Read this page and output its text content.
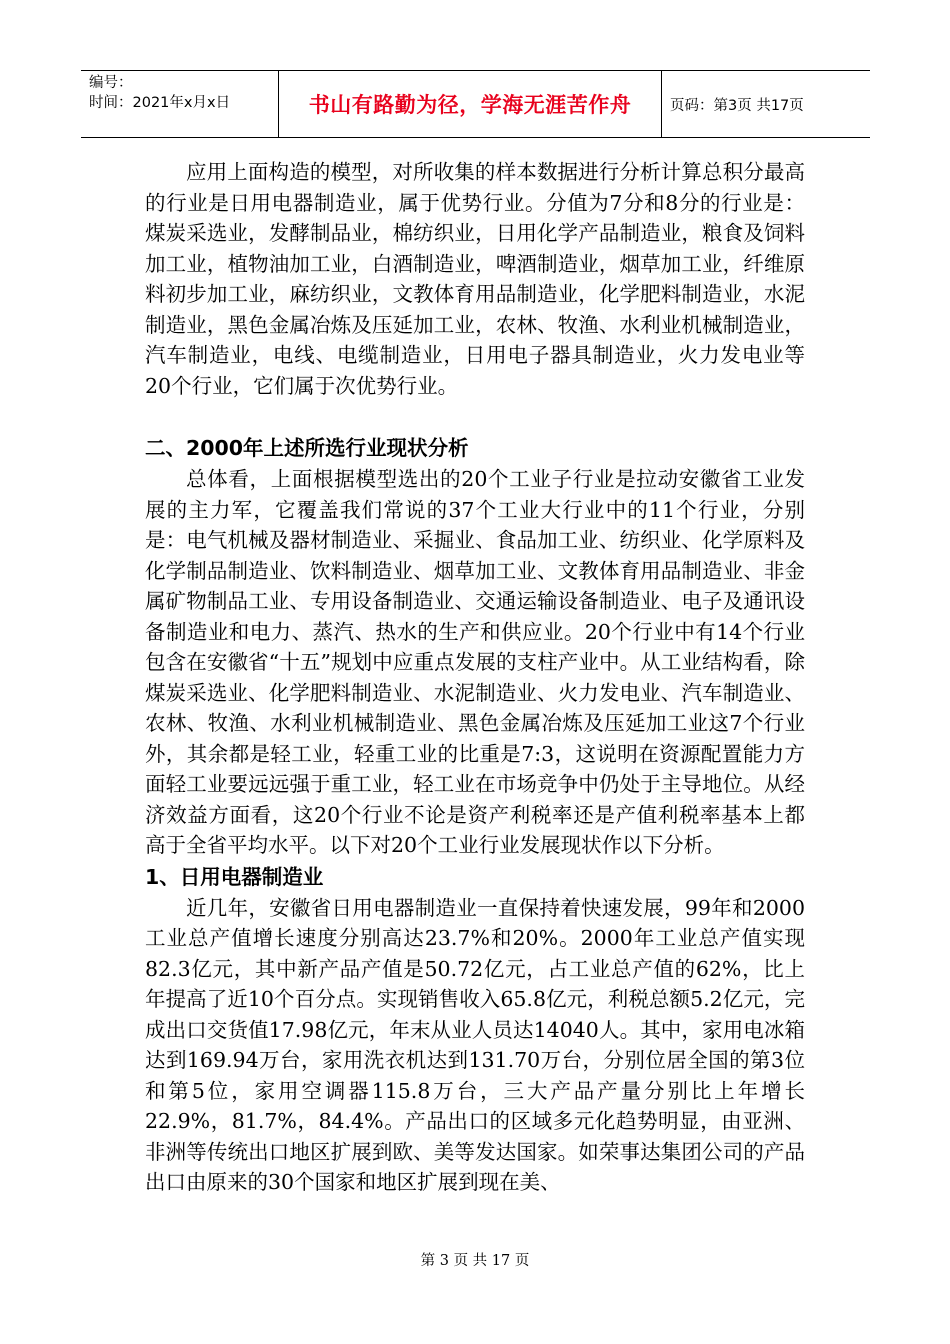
编号：
时间：2021年x月x日	书山有路勤为径，学海无涯苦作舟	页码：第3页 共17页

应用上面构造的模型，对所收集的样本数据进行分析计算总积分最高的行业是日用电器制造业，属于优势行业。分值为7分和8分的行业是：煤炭采选业，发酵制品业，棉纺织业，日用化学产品制造业，粮食及饲料加工业，植物油加工业，白酒制造业，啤酒制造业，烟草加工业，纤维原料初步加工业，麻纺织业，文教体育用品制造业，化学肥料制造业，水泥制造业，黑色金属冶炼及压延加工业，农林、牧渔、水利业机械制造业，汽车制造业，电线、电缆制造业，日用电子器具制造业，火力发电业等20个行业，它们属于次优势行业。

二、2000年上述所选行业现状分析

总体看，上面根据模型选出的20个工业子行业是拉动安徽省工业发展的主力军，它覆盖我们常说的37个工业大行业中的11个行业，分别是：电气机械及器材制造业、采掘业、食品加工业、纺织业、化学原料及化学制品制造业、饮料制造业、烟草加工业、文教体育用品制造业、非金属矿物制品工业、专用设备制造业、交通运输设备制造业、电子及通讯设备制造业和电力、蒸汽、热水的生产和供应业。20个行业中有14个行业包含在安徽省“十五”规划中应重点发展的支柱产业中。从工业结构看，除煤炭采选业、化学肥料制造业、水泥制造业、火力发电业、汽车制造业、农林、牧渔、水利业机械制造业、黑色金属冶炼及压延加工业这7个行业外，其余都是轻工业，轻重工业的比重是7:3，这说明在资源配置能力方面轻工业要远远强于重工业，轻工业在市场竞争中仍处于主导地位。从经济效益方面看，这20个行业不论是资产利税率还是产值利税率基本上都高于全省平均水平。以下对20个工业行业发展现状作以下分析。

1、日用电器制造业

近几年，安徽省日用电器制造业一直保持着快速发展，99年和2000工业总产值增长速度分别高达23.7%和20%。2000年工业总产值实现82.3亿元，其中新产品产值是50.72亿元，占工业总产值的62%，比上年提高了近10个百分点。实现销售收入65.8亿元，利税总额5.2亿元，完成出口交货值17.98亿元，年末从业人员达14040人。其中，家用电冰箱达到169.94万台，家用洗衣机达到131.70万台，分别位居全国的第3位和第5位，家用空调器115.8万台，三大产品产量分别比上年增长22.9%，81.7%，84.4%。产品出口的区域多元化趋势明显，由亚洲、非洲等传统出口地区扩展到欧、美等发达国家。如荣事达集团公司的产品出口由原来的30个国家和地区扩展到现在美、

第 3 页 共 17 页
